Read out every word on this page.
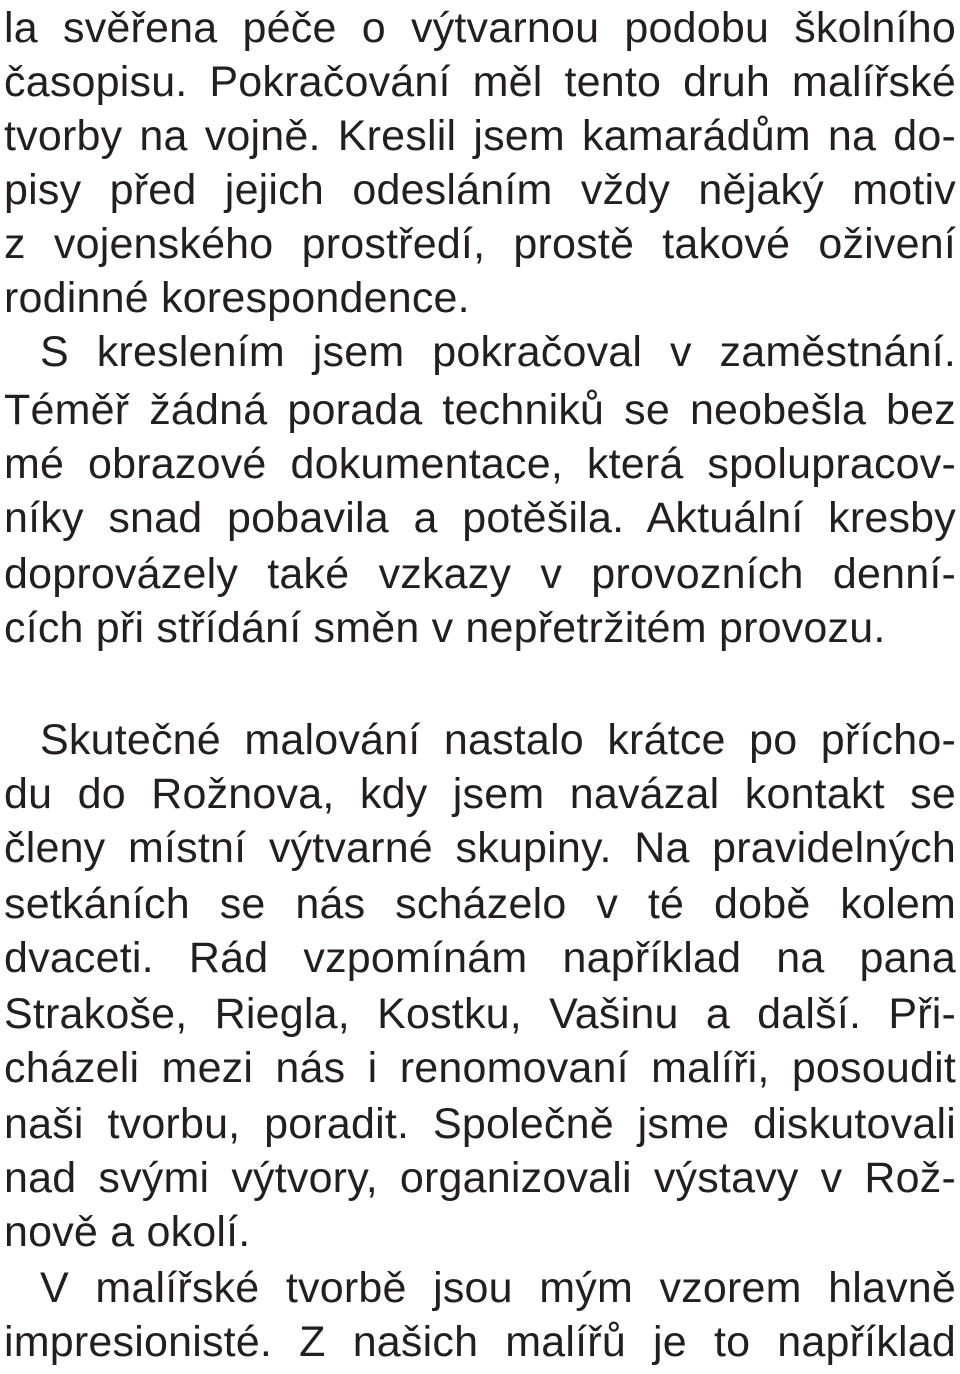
la svěřena péče o výtvarnou podobu školního
časopisu. Pokračování měl tento druh malířské
tvorby na vojně. Kreslil jsem kamarádům na do-
pisy před jejich odesláním vždy nějaký motiv
z vojenského prostředí, prostě takové oživení
rodinné korespondence.
S kreslením jsem pokračoval v zaměstnání.
Téměř žádná porada techniků se neobešla bez
mé obrazové dokumentace, která spolupracov-
níky snad pobavila a potěšila. Aktuální kresby
doprovázely také vzkazy v provozních denní-
cích při střídání směn v nepřetržitém provozu.
Skutečné malování nastalo krátce po přícho-
du do Rožnova, kdy jsem navázal kontakt se
členy místní výtvarné skupiny. Na pravidelných
setkáních se nás scházelo v té době kolem
dvaceti. Rád vzpomínám například na pana
Strakoše, Riegla, Kostku, Vašinu a další. Při-
cházeli mezi nás i renomovaní malíři, posoudit
naši tvorbu, poradit. Společně jsme diskutovali
nad svými výtvory, organizovali výstavy v Rož-
nově a okolí.
V malířské tvorbě jsou mým vzorem hlavně
impresionisté. Z našich malířů je to například
